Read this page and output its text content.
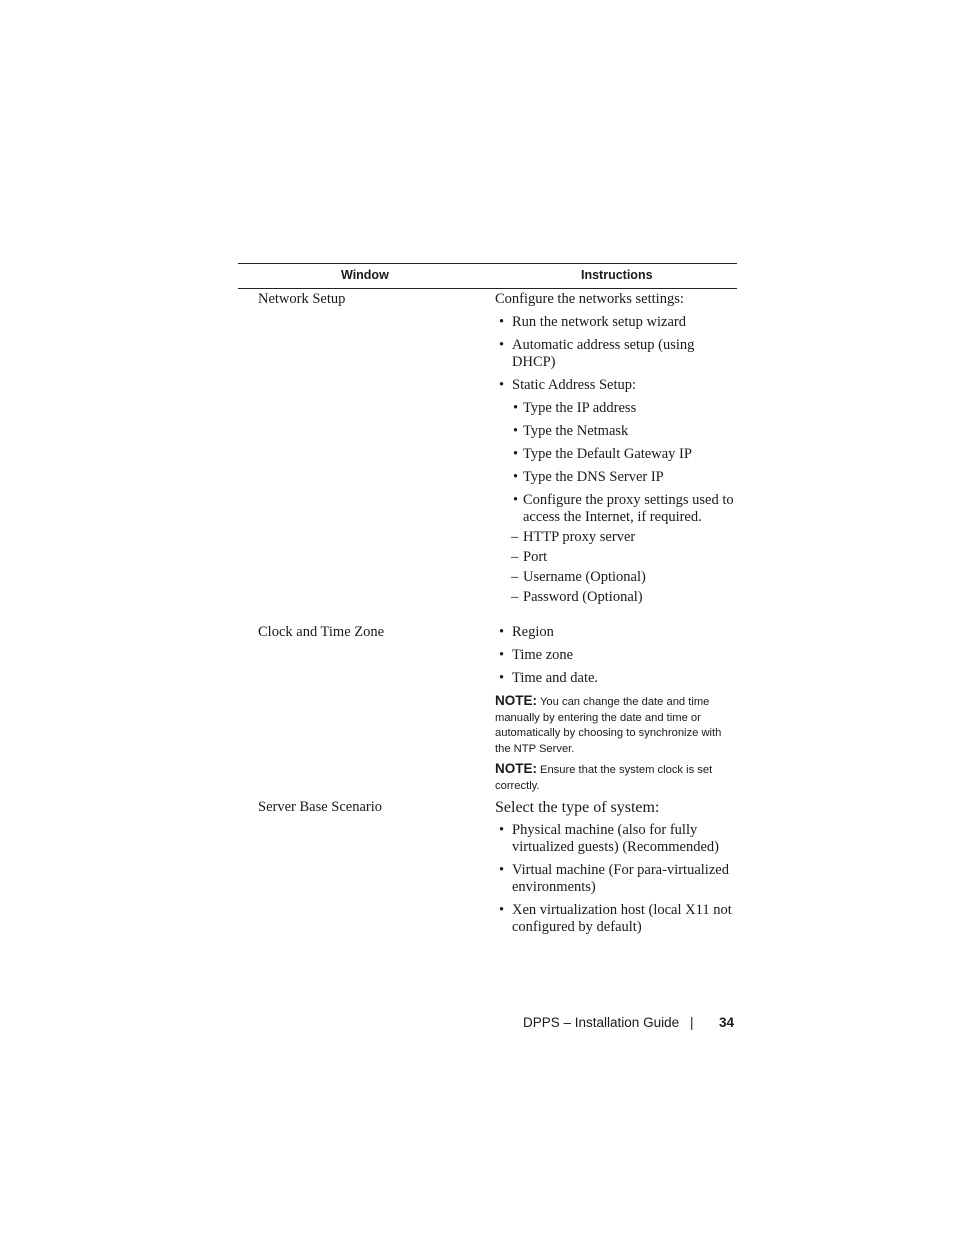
Window	Instructions
Network Setup	Configure the networks settings:

• Run the network setup wizard
• Automatic address setup (using DHCP)
• Static Address Setup:
• Type the IP address
• Type the Netmask
• Type the Default Gateway IP
• Type the DNS Server IP
• Configure the proxy settings used to access the Internet, if required.
– HTTP proxy server
– Port
– Username (Optional)
– Password (Optional)
Clock and Time Zone	• Region
• Time zone
• Time and date.
NOTE: You can change the date and time manually by entering the date and time or automatically by choosing to synchronize with the NTP Server.
NOTE: Ensure that the system clock is set correctly.
Server Base Scenario	Select the type of system:

• Physical machine (also for fully virtualized guests) (Recommended)
• Virtual machine (For para-virtualized environments)
• Xen virtualization host (local X11 not configured by default)
DPPS – Installation Guide | 34
